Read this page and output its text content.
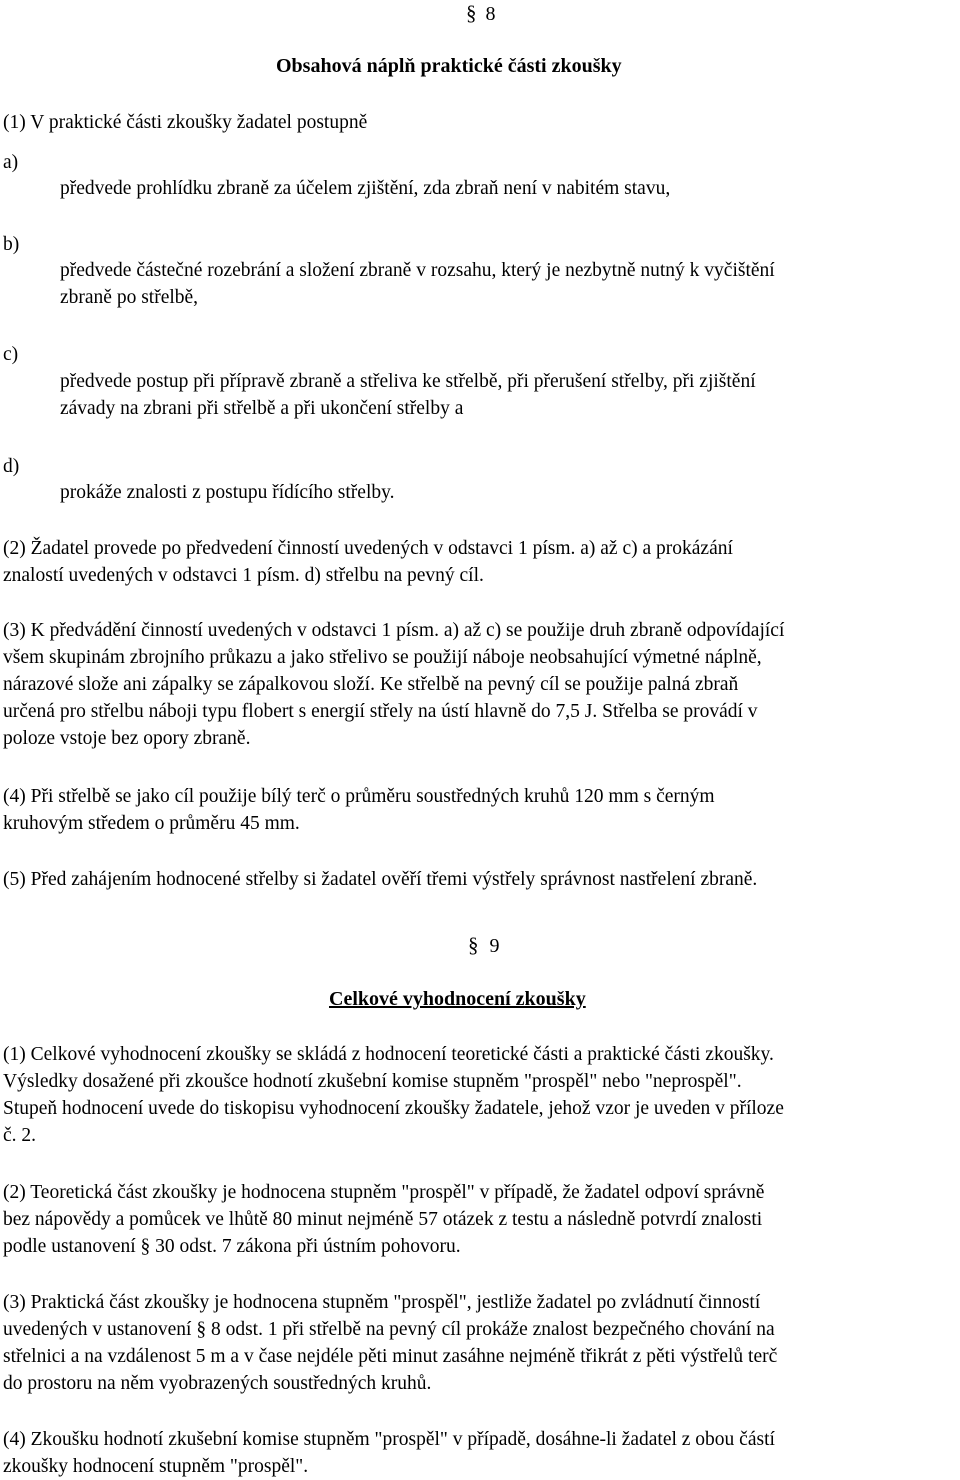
§ 8
Obsahová náplň praktické části zkoušky
(1) V praktické části zkoušky žadatel postupně
a)
předvede prohlídku zbraně za účelem zjištění, zda zbraň není v nabitém stavu,
b)
předvede částečné rozebrání a složení zbraně v rozsahu, který je nezbytně nutný k vyčištění
zbraně po střelbě,
c)
předvede postup při přípravě zbraně a střeliva ke střelbě, při přerušení střelby, při zjištění
závady na zbrani při střelbě a při ukončení střelby a
d)
prokáže znalosti z postupu řídícího střelby.
(2) Žadatel provede po předvedení činností uvedených v odstavci 1 písm. a) až c) a prokázání
znalostí uvedených v odstavci 1 písm. d) střelbu na pevný cíl.
(3) K předvádění činností uvedených v odstavci 1 písm. a) až c) se použije druh zbraně odpovídající
všem skupinám zbrojního průkazu a jako střelivo se použijí náboje neobsahující výmetné náplně,
nárazové slože ani zápalky se zápalkovou složí. Ke střelbě na pevný cíl se použije palná zbraň
určená pro střelbu náboji typu flobert s energií střely na ústí hlavně do 7,5 J. Střelba se provádí v
poloze vstoje bez opory zbraně.
(4) Při střelbě se jako cíl použije bílý terč o průměru soustředných kruhů 120 mm s černým
kruhovým středem o průměru 45 mm.
(5) Před zahájením hodnocené střelby si žadatel ověří třemi výstřely správnost nastřelení zbraně.
§ 9
Celkové vyhodnocení zkoušky
(1) Celkové vyhodnocení zkoušky se skládá z hodnocení teoretické části a praktické části zkoušky.
Výsledky dosažené při zkoušce hodnotí zkušební komise stupněm "prospěl" nebo "neprospěl".
Stupeň hodnocení uvede do tiskopisu vyhodnocení zkoušky žadatele, jehož vzor je uveden v příloze
č. 2.
(2) Teoretická část zkoušky je hodnocena stupněm "prospěl" v případě, že žadatel odpoví správně
bez nápovědy a pomůcek ve lhůtě 80 minut nejméně 57 otázek z testu a následně potvrdí znalosti
podle ustanovení § 30 odst. 7 zákona při ústním pohovoru.
(3) Praktická část zkoušky je hodnocena stupněm "prospěl", jestliže žadatel po zvládnutí činností
uvedených v ustanovení § 8 odst. 1 při střelbě na pevný cíl prokáže znalost bezpečného chování na
střelnici a na vzdálenost 5 m a v čase nejdéle pěti minut zasáhne nejméně třikrát z pěti výstřelů terč
do prostoru na něm vyobrazených soustředných kruhů.
(4) Zkoušku hodnotí zkušební komise stupněm "prospěl" v případě, dosáhne-li žadatel z obou částí
zkoušky hodnocení stupněm "prospěl".
